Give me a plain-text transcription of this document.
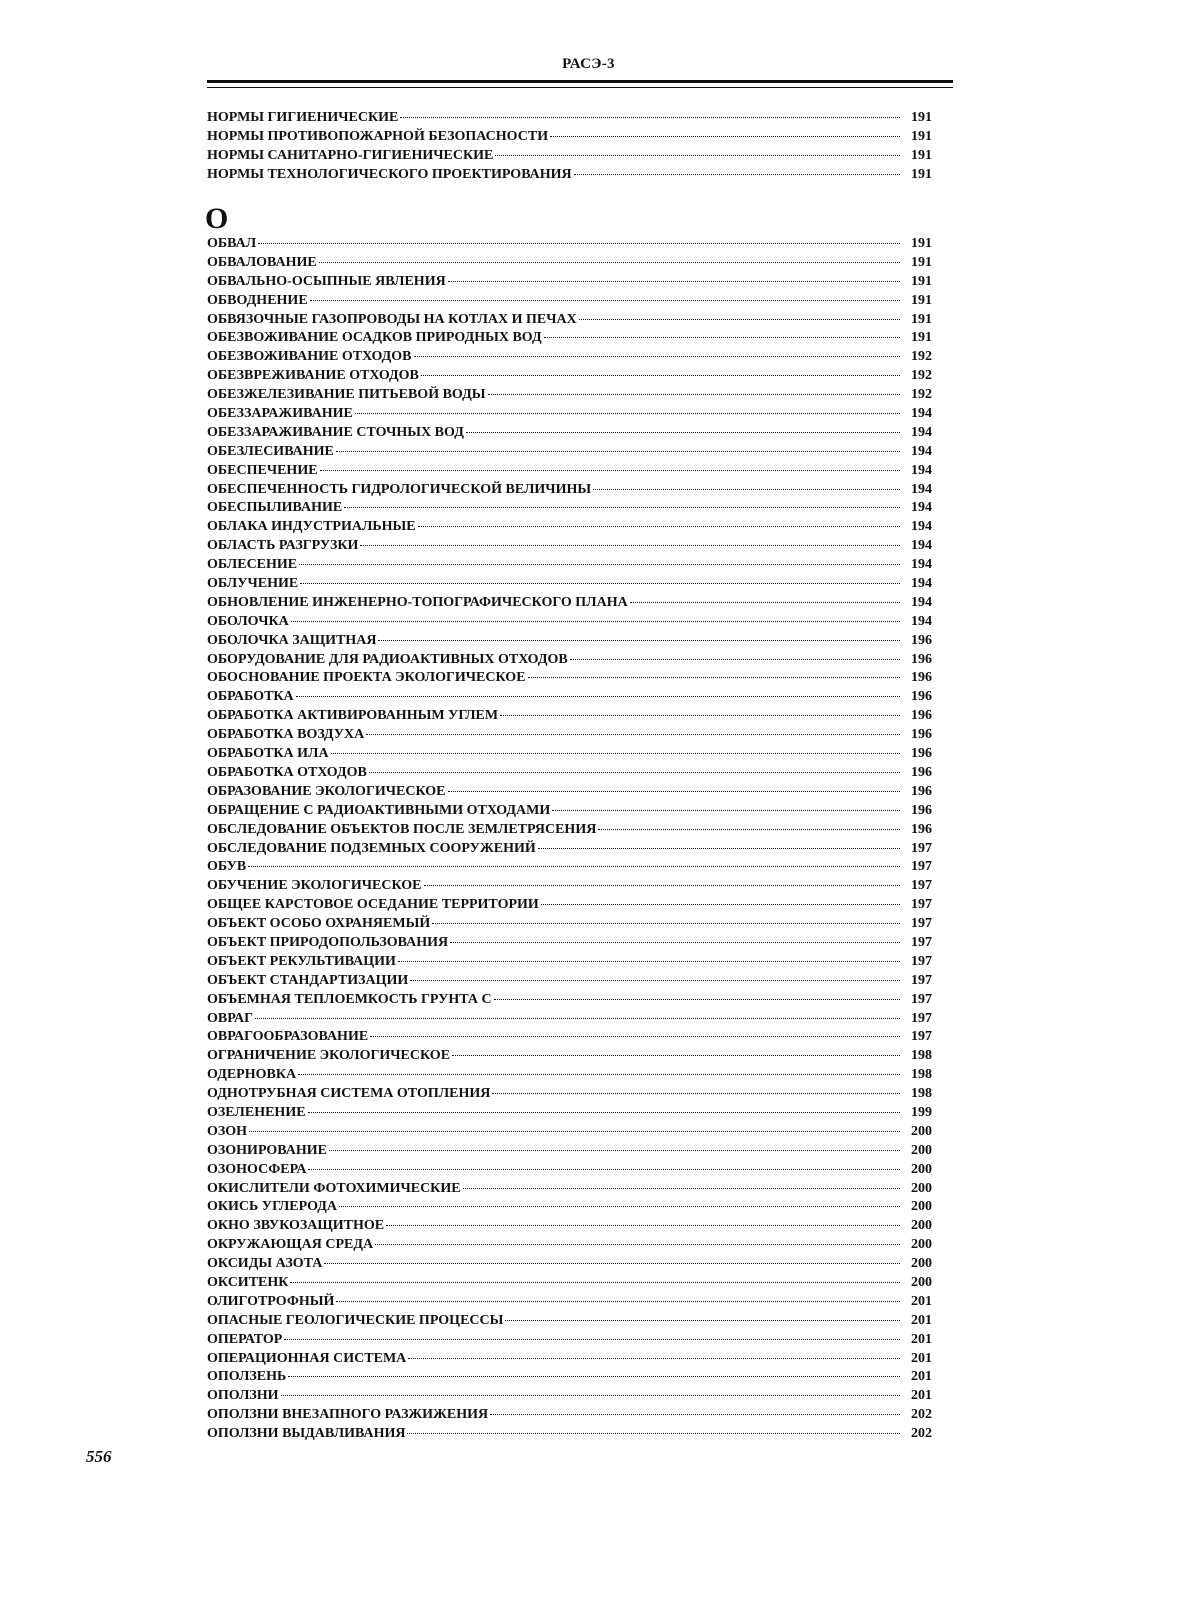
РАСЭ-3
НОРМЫ ГИГИЕНИЧЕСКИЕ	191
НОРМЫ ПРОТИВОПОЖАРНОЙ БЕЗОПАСНОСТИ	191
НОРМЫ САНИТАРНО-ГИГИЕНИЧЕСКИЕ	191
НОРМЫ ТЕХНОЛОГИЧЕСКОГО ПРОЕКТИРОВАНИЯ	191
О
ОБВАЛ	191
ОБВАЛОВАНИЕ	191
ОБВАЛЬНО-ОСЫПНЫЕ ЯВЛЕНИЯ	191
ОБВОДНЕНИЕ	191
ОБВЯЗОЧНЫЕ ГАЗОПРОВОДЫ НА КОТЛАХ И ПЕЧАХ	191
ОБЕЗВОЖИВАНИЕ ОСАДКОВ ПРИРОДНЫХ ВОД	191
ОБЕЗВОЖИВАНИЕ ОТХОДОВ	192
ОБЕЗВРЕЖИВАНИЕ ОТХОДОВ	192
ОБЕЗЖЕЛЕЗИВАНИЕ ПИТЬЕВОЙ ВОДЫ	192
ОБЕЗЗАРАЖИВАНИЕ	194
ОБЕЗЗАРАЖИВАНИЕ СТОЧНЫХ ВОД	194
ОБЕЗЛЕСИВАНИЕ	194
ОБЕСПЕЧЕНИЕ	194
ОБЕСПЕЧЕННОСТЬ ГИДРОЛОГИЧЕСКОЙ ВЕЛИЧИНЫ	194
ОБЕСПЫЛИВАНИЕ	194
ОБЛАКА ИНДУСТРИАЛЬНЫЕ	194
ОБЛАСТЬ РАЗГРУЗКИ	194
ОБЛЕСЕНИЕ	194
ОБЛУЧЕНИЕ	194
ОБНОВЛЕНИЕ ИНЖЕНЕРНО-ТОПОГРАФИЧЕСКОГО ПЛАНА	194
ОБОЛОЧКА	194
ОБОЛОЧКА ЗАЩИТНАЯ	196
ОБОРУДОВАНИЕ ДЛЯ РАДИОАКТИВНЫХ ОТХОДОВ	196
ОБОСНОВАНИЕ ПРОЕКТА ЭКОЛОГИЧЕСКОЕ	196
ОБРАБОТКА	196
ОБРАБОТКА АКТИВИРОВАННЫМ УГЛЕМ	196
ОБРАБОТКА ВОЗДУХА	196
ОБРАБОТКА ИЛА	196
ОБРАБОТКА ОТХОДОВ	196
ОБРАЗОВАНИЕ ЭКОЛОГИЧЕСКОЕ	196
ОБРАЩЕНИЕ С РАДИОАКТИВНЫМИ ОТХОДАМИ	196
ОБСЛЕДОВАНИЕ ОБЪЕКТОВ ПОСЛЕ ЗЕМЛЕТРЯСЕНИЯ	196
ОБСЛЕДОВАНИЕ ПОДЗЕМНЫХ СООРУЖЕНИЙ	197
ОБУВ	197
ОБУЧЕНИЕ ЭКОЛОГИЧЕСКОЕ	197
ОБЩЕЕ КАРСТОВОЕ ОСЕДАНИЕ ТЕРРИТОРИИ	197
ОБЪЕКТ ОСОБО ОХРАНЯЕМЫЙ	197
ОБЪЕКТ ПРИРОДОПОЛЬЗОВАНИЯ	197
ОБЪЕКТ РЕКУЛЬТИВАЦИИ	197
ОБЪЕКТ СТАНДАРТИЗАЦИИ	197
ОБЪЕМНАЯ ТЕПЛОЕМКОСТЬ ГРУНТА С	197
ОВРАГ	197
ОВРАГООБРАЗОВАНИЕ	197
ОГРАНИЧЕНИЕ ЭКОЛОГИЧЕСКОЕ	198
ОДЕРНОВКА	198
ОДНОТРУБНАЯ СИСТЕМА ОТОПЛЕНИЯ	198
ОЗЕЛЕНЕНИЕ	199
ОЗОН	200
ОЗОНИРОВАНИЕ	200
ОЗОНОСФЕРА	200
ОКИСЛИТЕЛИ ФОТОХИМИЧЕСКИЕ	200
ОКИСЬ УГЛЕРОДА	200
ОКНО ЗВУКОЗАЩИТНОЕ	200
ОКРУЖАЮЩАЯ СРЕДА	200
ОКСИДЫ АЗОТА	200
ОКСИТЕНК	200
ОЛИГОТРОФНЫЙ	201
ОПАСНЫЕ ГЕОЛОГИЧЕСКИЕ ПРОЦЕССЫ	201
ОПЕРАТОР	201
ОПЕРАЦИОННАЯ СИСТЕМА	201
ОПОЛЗЕНЬ	201
ОПОЛЗНИ	201
ОПОЛЗНИ ВНЕЗАПНОГО РАЗЖИЖЕНИЯ	202
ОПОЛЗНИ ВЫДАВЛИВАНИЯ	202
556
